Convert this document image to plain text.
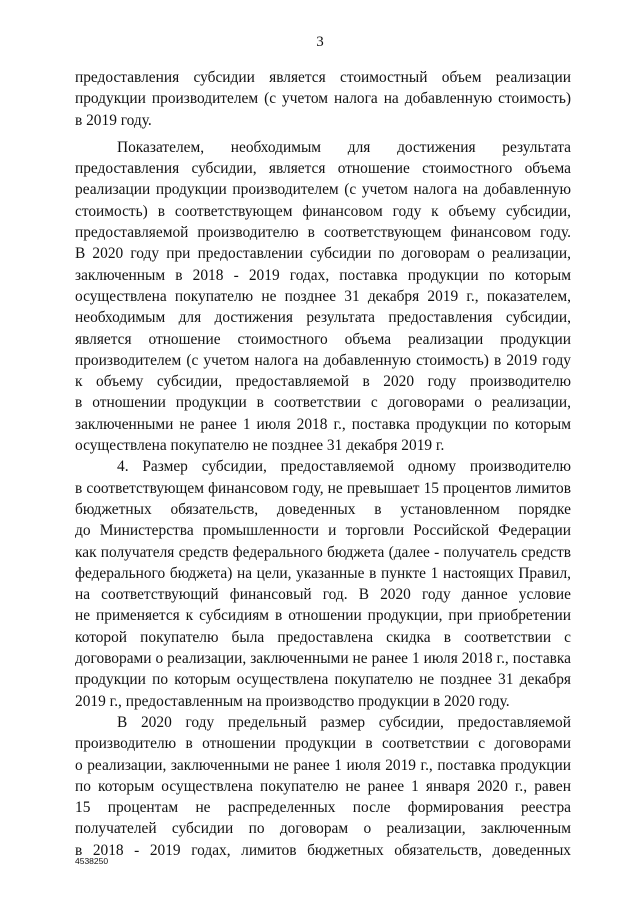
3
предоставления субсидии является стоимостный объем реализации
продукции производителем (с учетом налога на добавленную стоимость)
в 2019 году.
Показателем, необходимым для достижения результата
предоставления субсидии, является отношение стоимостного объема
реализации продукции производителем (с учетом налога на добавленную
стоимость) в соответствующем финансовом году к объему субсидии,
предоставляемой производителю в соответствующем финансовом году.
В 2020 году при предоставлении субсидии по договорам о реализации,
заключенным в 2018 - 2019 годах, поставка продукции по которым
осуществлена покупателю не позднее 31 декабря 2019 г., показателем,
необходимым для достижения результата предоставления субсидии,
является отношение стоимостного объема реализации продукции
производителем (с учетом налога на добавленную стоимость) в 2019 году
к объему субсидии, предоставляемой в 2020 году производителю
в отношении продукции в соответствии с договорами о реализации,
заключенными не ранее 1 июля 2018 г., поставка продукции по которым
осуществлена покупателю не позднее 31 декабря 2019 г.
4. Размер субсидии, предоставляемой одному производителю
в соответствующем финансовом году, не превышает 15 процентов лимитов
бюджетных обязательств, доведенных в установленном порядке
до Министерства промышленности и торговли Российской Федерации
как получателя средств федерального бюджета (далее - получатель средств
федерального бюджета) на цели, указанные в пункте 1 настоящих Правил,
на соответствующий финансовый год. В 2020 году данное условие
не применяется к субсидиям в отношении продукции, при приобретении
которой покупателю была предоставлена скидка в соответствии с
договорами о реализации, заключенными не ранее 1 июля 2018 г., поставка
продукции по которым осуществлена покупателю не позднее 31 декабря
2019 г., предоставленным на производство продукции в 2020 году.
В 2020 году предельный размер субсидии, предоставляемой
производителю в отношении продукции в соответствии с договорами
о реализации, заключенными не ранее 1 июля 2019 г., поставка продукции
по которым осуществлена покупателю не ранее 1 января 2020 г., равен
15 процентам не распределенных после формирования реестра
получателей субсидии по договорам о реализации, заключенным
в 2018 - 2019 годах, лимитов бюджетных обязательств, доведенных
4538250
